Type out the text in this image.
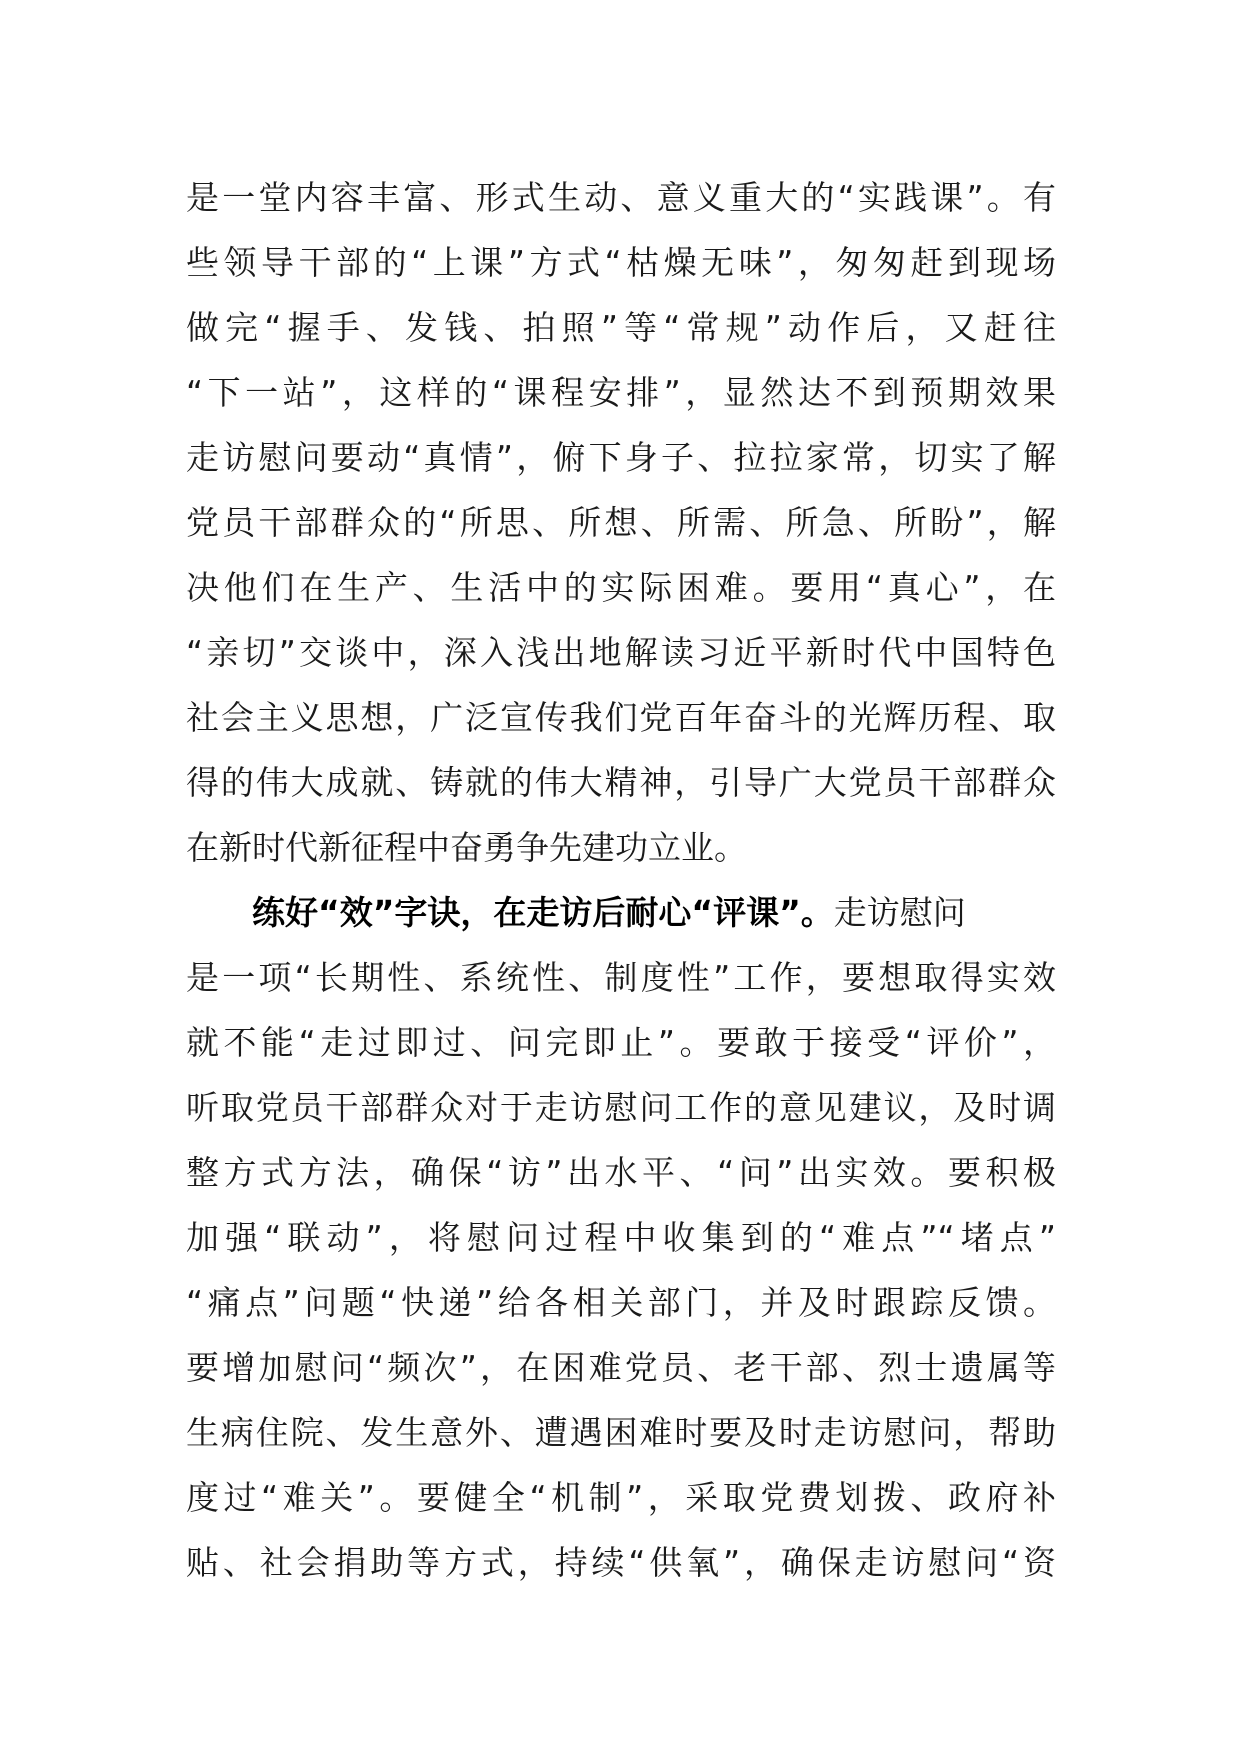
是一堂内容丰富、形式生动、意义重大的“实践课”。有
些领导干部的“上课”方式“枯燥无味”，匆匆赶到现场
做完“握手、发钱、拍照”等“常规”动作后，又赶往
“下一站”，这样的“课程安排”，显然达不到预期效果
走访慰问要动“真情”，俯下身子、拉拉家常，切实了解
党员干部群众的“所思、所想、所需、所急、所盼”，解
决他们在生产、生活中的实际困难。要用“真心”，在
“亲切”交谈中，深入浅出地解读习近平新时代中国特色
社会主义思想，广泛宣传我们党百年奋斗的光辉历程、取
得的伟大成就、铸就的伟大精神，引导广大党员干部群众
在新时代新征程中奋勇争先建功立业。
练好“效”字诀，在走访后耐心“评课”。走访慰问
是一项“长期性、系统性、制度性”工作，要想取得实效
就不能“走过即过、问完即止”。要敢于接受“评价”，
听取党员干部群众对于走访慰问工作的意见建议，及时调
整方式方法，确保“访”出水平、“问”出实效。要积极
加强“联动”，将慰问过程中收集到的“难点”“堵点”
“痛点”问题“快递”给各相关部门，并及时跟踪反馈。
要增加慰问“频次”，在困难党员、老干部、烈士遗属等
生病住院、发生意外、遭遇困难时要及时走访慰问，帮助
度过“难关”。要健全“机制”，采取党费划拨、政府补
贴、社会捐助等方式，持续“供氧”，确保走访慰问“资
